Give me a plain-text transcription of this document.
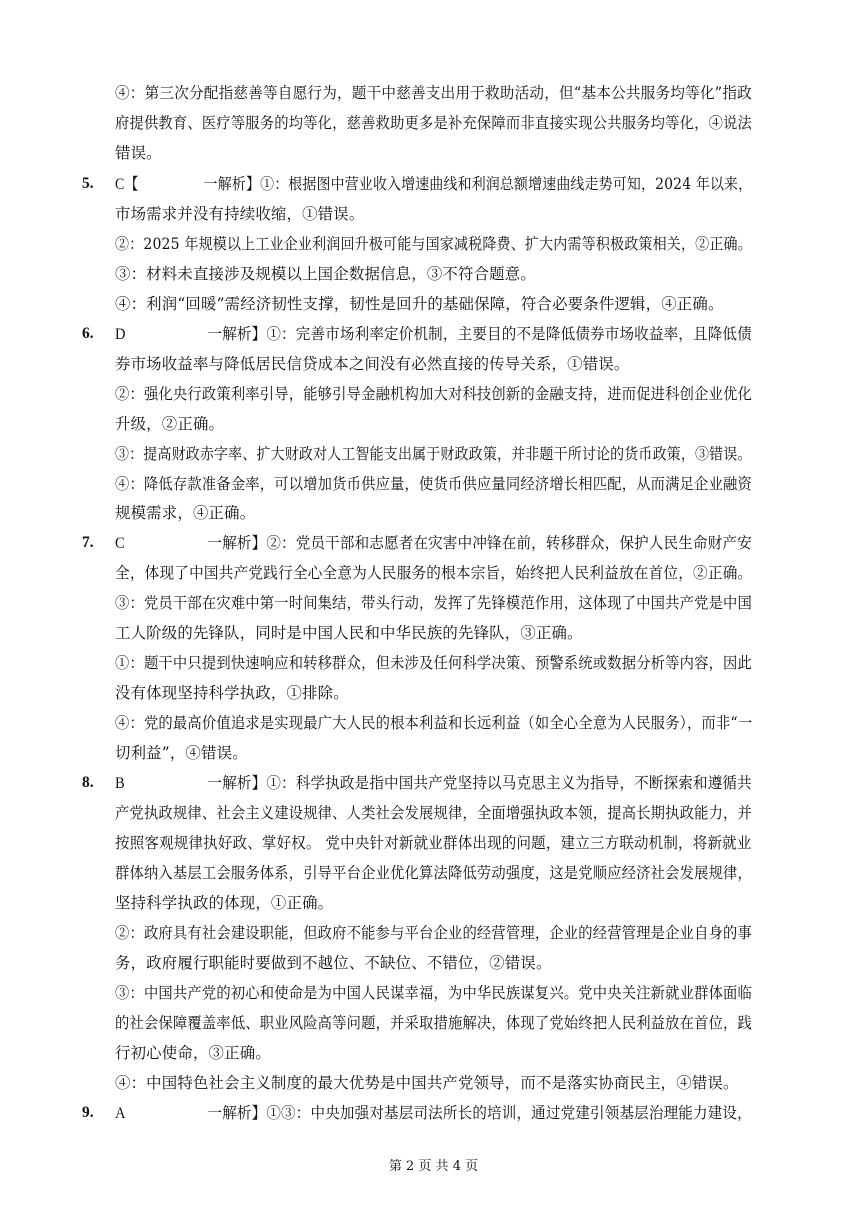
④：第三次分配指慈善等自愿行为，题干中慈善支出用于救助活动，但“基本公共服务均等化”指政
府提供教育、医疗等服务的均等化，慈善救助更多是补充保障而非直接实现公共服务均等化，④说法
错误。
5. C【	一解析】①：根据图中营业收入增速曲线和利润总额增速曲线走势可知，2024 年以来，
市场需求并没有持续收缩，①错误。
②：2025 年规模以上工业企业利润回升极可能与国家减税降费、扩大内需等积极政策相关，②正确。
③：材料未直接涉及规模以上国企数据信息，③不符合题意。
④：利润“回暖”需经济韧性支撑，韧性是回升的基础保障，符合必要条件逻辑，④正确。
6. D	一解析】①：完善市场利率定价机制，主要目的不是降低债券市场收益率，且降低债
券市场收益率与降低居民信贷成本之间没有必然直接的传导关系，①错误。
②：强化央行政策利率引导，能够引导金融机构加大对科技创新的金融支持，进而促进科创企业优化
升级，②正确。
③：提高财政赤字率、扩大财政对人工智能支出属于财政政策，并非题干所讨论的货币政策，③错误。
④：降低存款准备金率，可以增加货币供应量，使货币供应量同经济增长相匹配，从而满足企业融资
规模需求，④正确。
7. C	一解析】②：党员干部和志愿者在灾害中冲锋在前，转移群众，保护人民生命财产安
全，体现了中国共产党践行全心全意为人民服务的根本宗旨，始终把人民利益放在首位，②正确。
③：党员干部在灾难中第一时间集结，带头行动，发挥了先锋模范作用，这体现了中国共产党是中国
工人阶级的先锋队，同时是中国人民和中华民族的先锋队，③正确。
①：题干中只提到快速响应和转移群众，但未涉及任何科学决策、预警系统或数据分析等内容，因此
没有体现坚持科学执政，①排除。
④：党的最高价值追求是实现最广大人民的根本利益和长远利益（如全心全意为人民服务），而非“一
切利益”，④错误。
8. B	一解析】①：科学执政是指中国共产党坚持以马克思主义为指导，不断探索和遵循共
产党执政规律、社会主义建设规律、人类社会发展规律，全面增强执政本领，提高长期执政能力，并
按照客观规律执好政、掌好权。 党中央针对新就业群体出现的问题，建立三方联动机制，将新就业
群体纳入基层工会服务体系，引导平台企业优化算法降低劳动强度，这是党顺应经济社会发展规律，
坚持科学执政的体现，①正确。
②：政府具有社会建设职能，但政府不能参与平台企业的经营管理，企业的经营管理是企业自身的事
务，政府履行职能时要做到不越位、不缺位、不错位，②错误。
③：中国共产党的初心和使命是为中国人民谋幸福，为中华民族谋复兴。党中央关注新就业群体面临
的社会保障覆盖率低、职业风险高等问题，并采取措施解决，体现了党始终把人民利益放在首位，践
行初心使命，③正确。
④：中国特色社会主义制度的最大优势是中国共产党领导，而不是落实协商民主，④错误。
9. A	一解析】①③：中央加强对基层司法所长的培训，通过党建引领基层治理能力建设，
第 2 页 共 4 页
